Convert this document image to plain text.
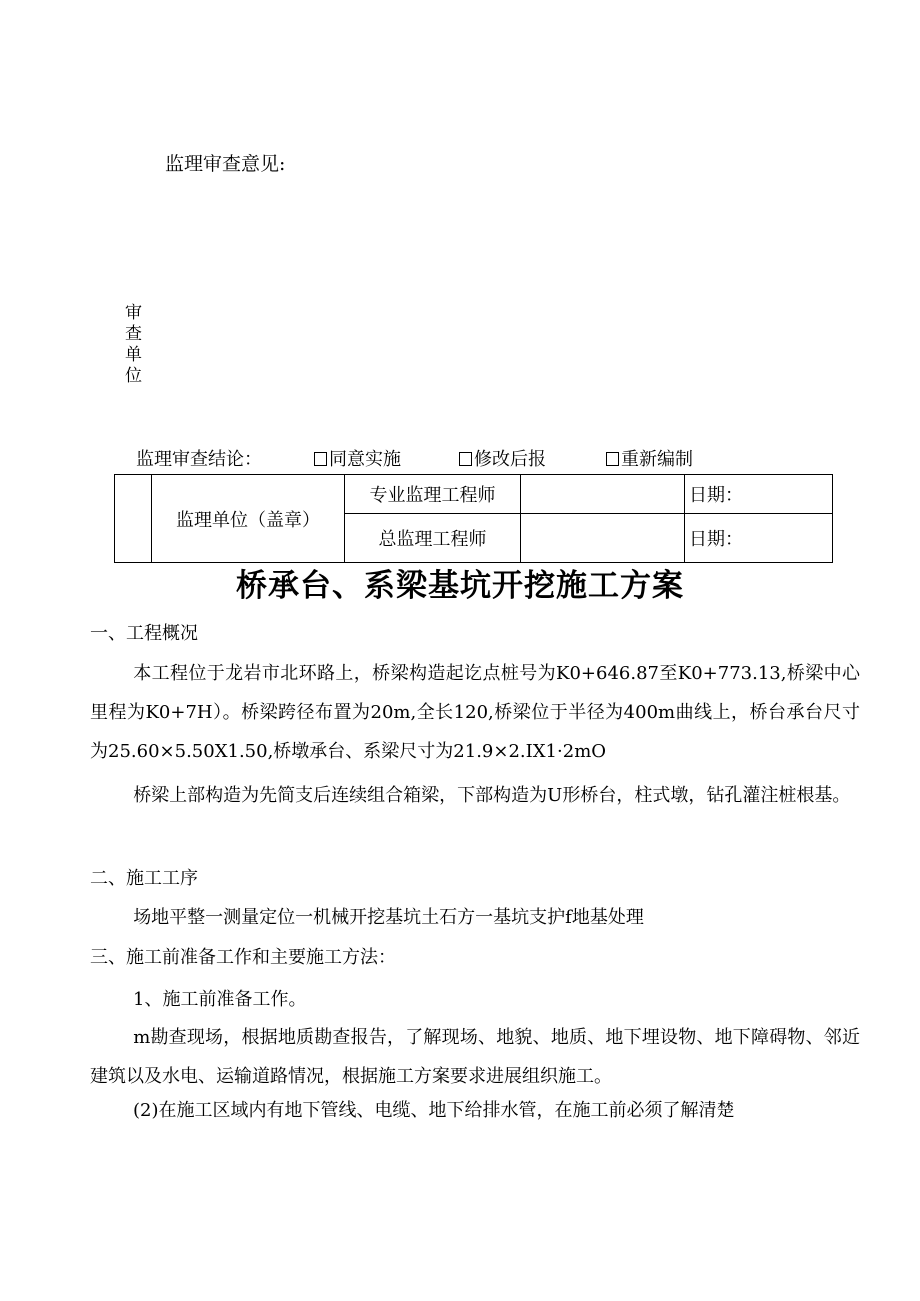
监理审查意见:
审
查
单
位
监理审查结论：	同意实施	修改后报	重新编制
	监理单位（盖章）	专业监理工程师		日期：
		总监理工程师		日期：
桥承台、系梁基坑开挖施工方案
一、工程概况
本工程位于龙岩市北环路上，桥梁构造起讫点桩号为K0+646.87至K0+773.13,桥梁中心里程为K0+7H）。桥梁跨径布置为20m,全长120,桥梁位于半径为400m曲线上，桥台承台尺寸为25.60×5.50X1.50,桥墩承台、系梁尺寸为21.9×2.IX1·2mO
桥梁上部构造为先简支后连续组合箱梁，下部构造为U形桥台，柱式墩，钻孔灌注桩根基。
二、施工工序
场地平整一测量定位一机械开挖基坑土石方一基坑支护f地基处理
三、施工前准备工作和主要施工方法：
1、施工前准备工作。
m勘查现场，根据地质勘查报告，了解现场、地貌、地质、地下埋设物、地下障碍物、邻近建筑以及水电、运输道路情况，根据施工方案要求进展组织施工。
(2)在施工区域内有地下管线、电缆、地下给排水管，在施工前必须了解清楚
